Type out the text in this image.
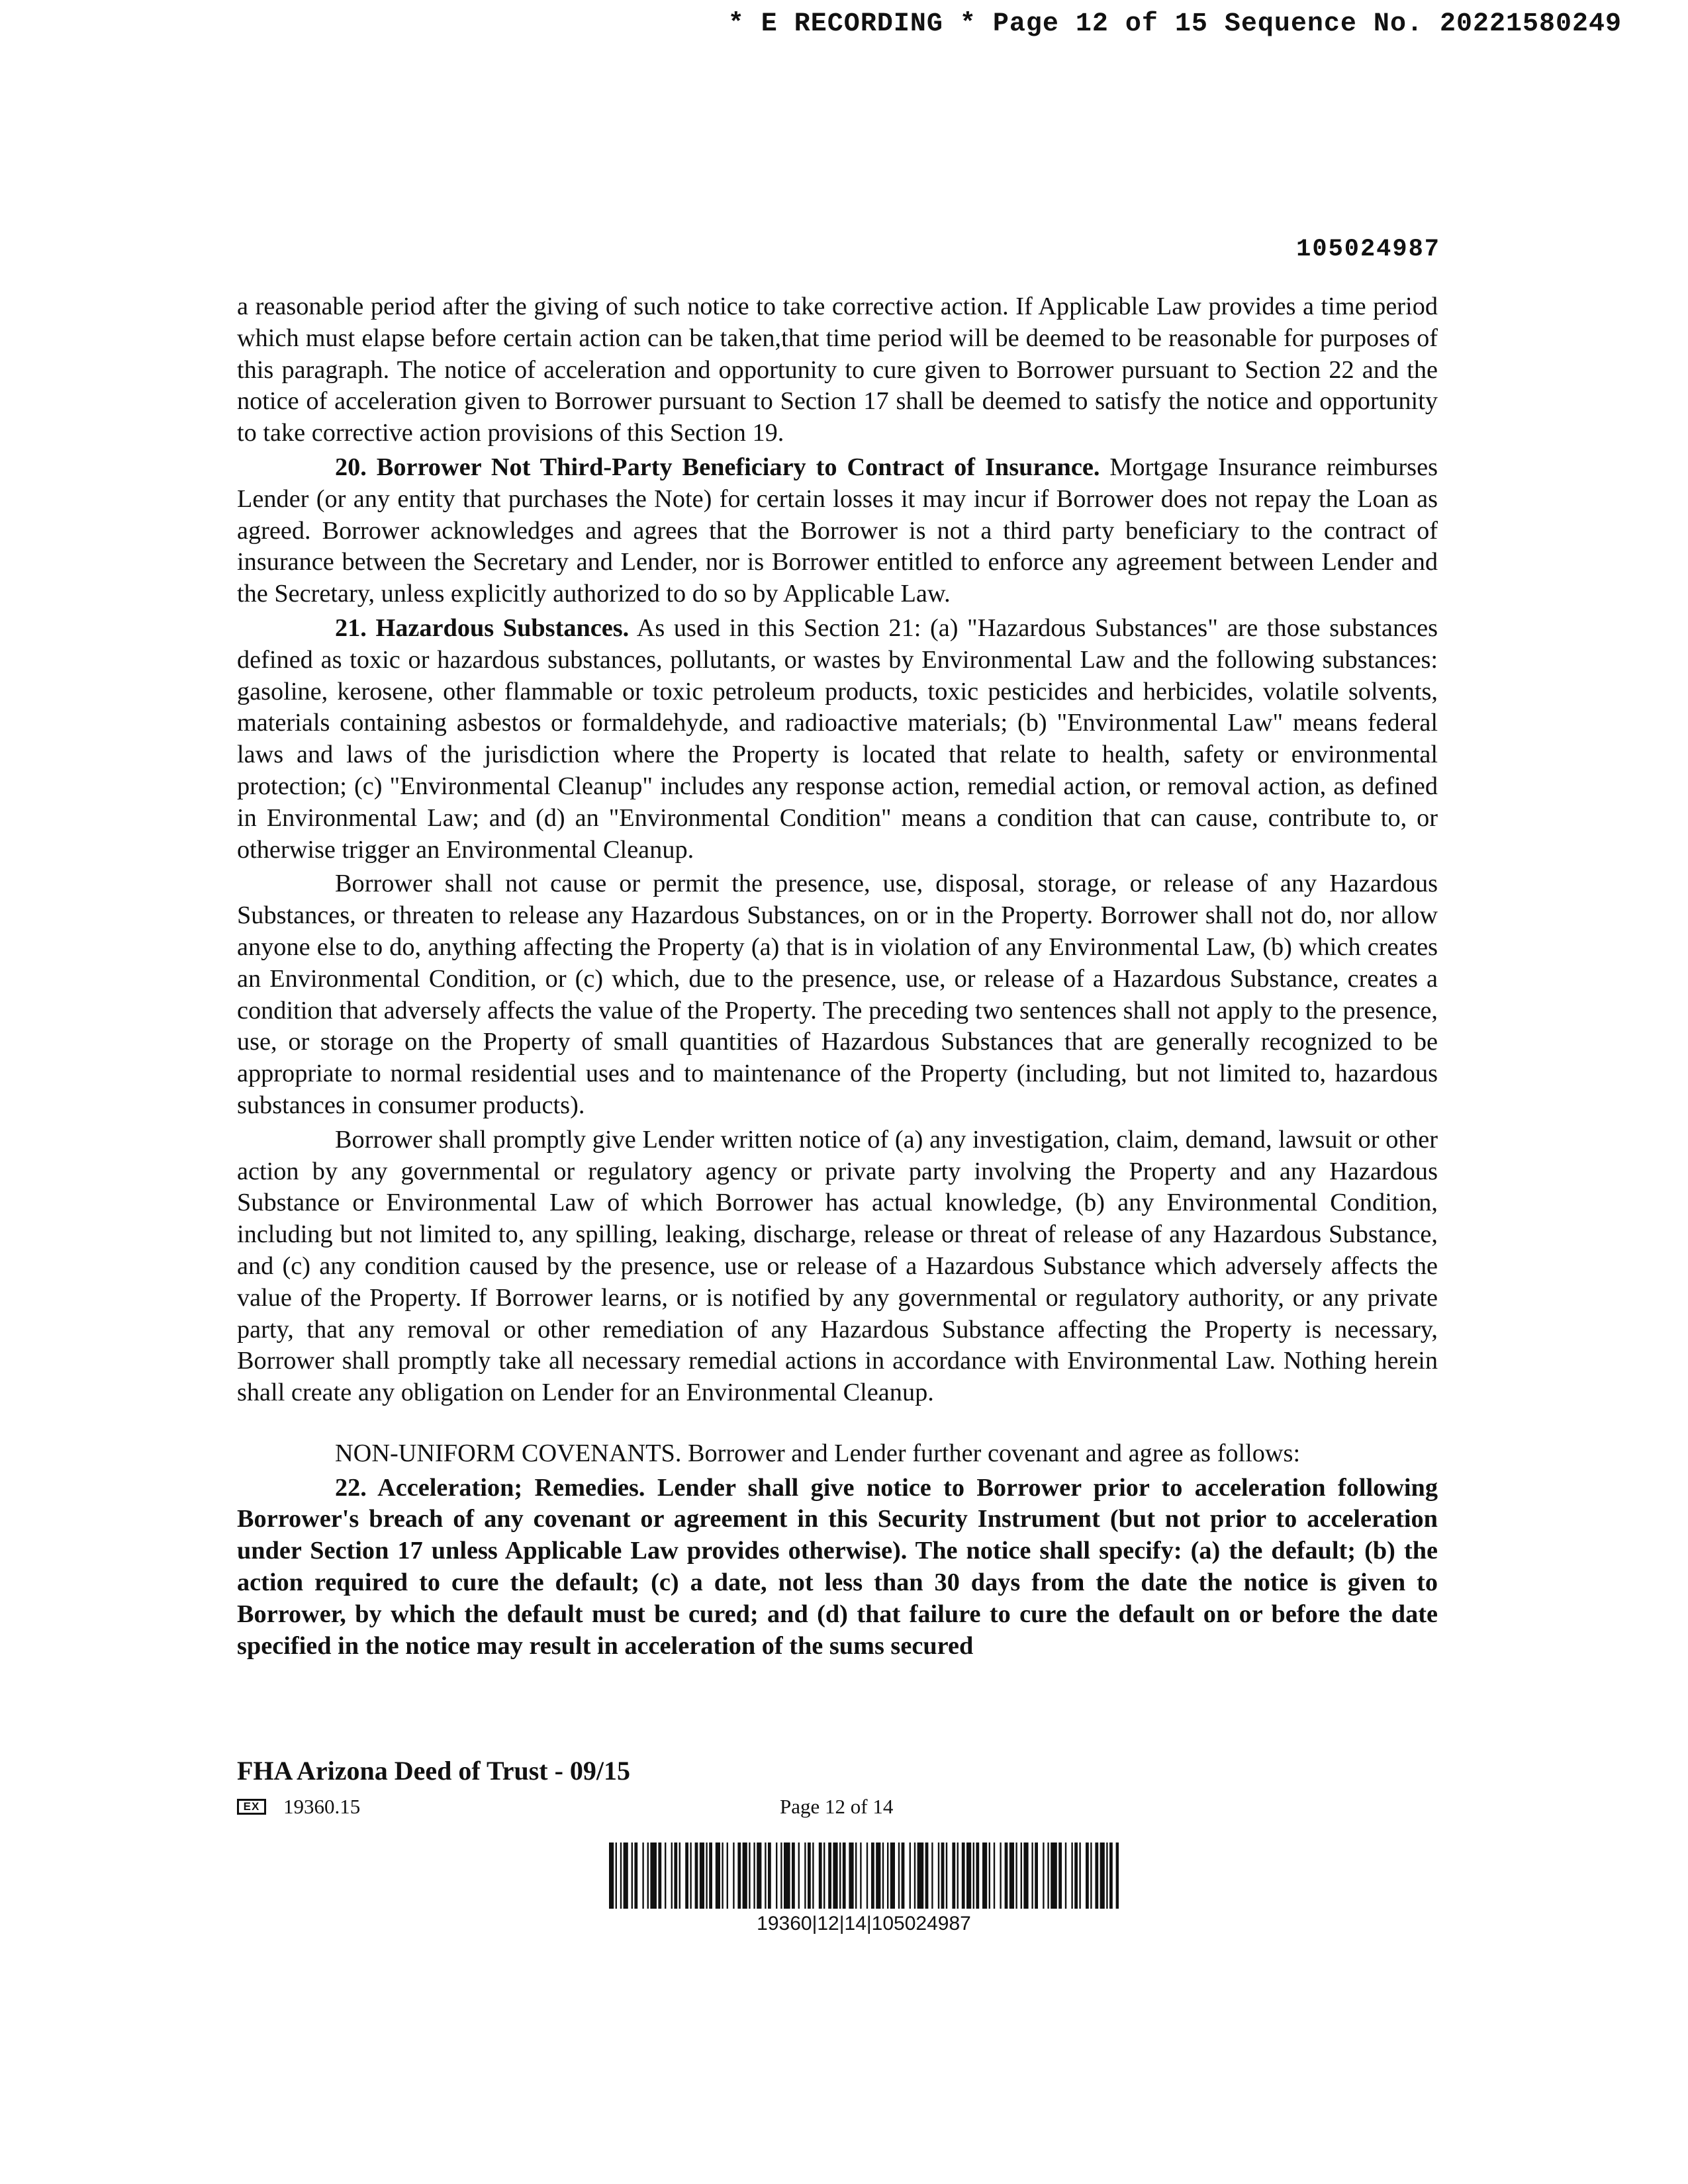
* E RECORDING * Page 12 of 15 Sequence No. 20221580249
105024987

a reasonable period after the giving of such notice to take corrective action. If Applicable Law provides a time period which must elapse before certain action can be taken,that time period will be deemed to be reasonable for purposes of this paragraph. The notice of acceleration and opportunity to cure given to Borrower pursuant to Section 22 and the notice of acceleration given to Borrower pursuant to Section 17 shall be deemed to satisfy the notice and opportunity to take corrective action provisions of this Section 19.

20. Borrower Not Third-Party Beneficiary to Contract of Insurance. Mortgage Insurance reimburses Lender (or any entity that purchases the Note) for certain losses it may incur if Borrower does not repay the Loan as agreed. Borrower acknowledges and agrees that the Borrower is not a third party beneficiary to the contract of insurance between the Secretary and Lender, nor is Borrower entitled to enforce any agreement between Lender and the Secretary, unless explicitly authorized to do so by Applicable Law.

21. Hazardous Substances. As used in this Section 21: (a) "Hazardous Substances" are those substances defined as toxic or hazardous substances, pollutants, or wastes by Environmental Law and the following substances: gasoline, kerosene, other flammable or toxic petroleum products, toxic pesticides and herbicides, volatile solvents, materials containing asbestos or formaldehyde, and radioactive materials; (b) "Environmental Law" means federal laws and laws of the jurisdiction where the Property is located that relate to health, safety or environmental protection; (c) "Environmental Cleanup" includes any response action, remedial action, or removal action, as defined in Environmental Law; and (d) an "Environmental Condition" means a condition that can cause, contribute to, or otherwise trigger an Environmental Cleanup.

Borrower shall not cause or permit the presence, use, disposal, storage, or release of any Hazardous Substances, or threaten to release any Hazardous Substances, on or in the Property. Borrower shall not do, nor allow anyone else to do, anything affecting the Property (a) that is in violation of any Environmental Law, (b) which creates an Environmental Condition, or (c) which, due to the presence, use, or release of a Hazardous Substance, creates a condition that adversely affects the value of the Property. The preceding two sentences shall not apply to the presence, use, or storage on the Property of small quantities of Hazardous Substances that are generally recognized to be appropriate to normal residential uses and to maintenance of the Property (including, but not limited to, hazardous substances in consumer products).

Borrower shall promptly give Lender written notice of (a) any investigation, claim, demand, lawsuit or other action by any governmental or regulatory agency or private party involving the Property and any Hazardous Substance or Environmental Law of which Borrower has actual knowledge, (b) any Environmental Condition, including but not limited to, any spilling, leaking, discharge, release or threat of release of any Hazardous Substance, and (c) any condition caused by the presence, use or release of a Hazardous Substance which adversely affects the value of the Property. If Borrower learns, or is notified by any governmental or regulatory authority, or any private party, that any removal or other remediation of any Hazardous Substance affecting the Property is necessary, Borrower shall promptly take all necessary remedial actions in accordance with Environmental Law. Nothing herein shall create any obligation on Lender for an Environmental Cleanup.

NON-UNIFORM COVENANTS. Borrower and Lender further covenant and agree as follows:

22. Acceleration; Remedies. Lender shall give notice to Borrower prior to acceleration following Borrower's breach of any covenant or agreement in this Security Instrument (but not prior to acceleration under Section 17 unless Applicable Law provides otherwise). The notice shall specify: (a) the default; (b) the action required to cure the default; (c) a date, not less than 30 days from the date the notice is given to Borrower, by which the default must be cured; and (d) that failure to cure the default on or before the date specified in the notice may result in acceleration of the sums secured

FHA Arizona Deed of Trust - 09/15
EX	19360.15	Page 12 of 14
19360|12|14|105024987
